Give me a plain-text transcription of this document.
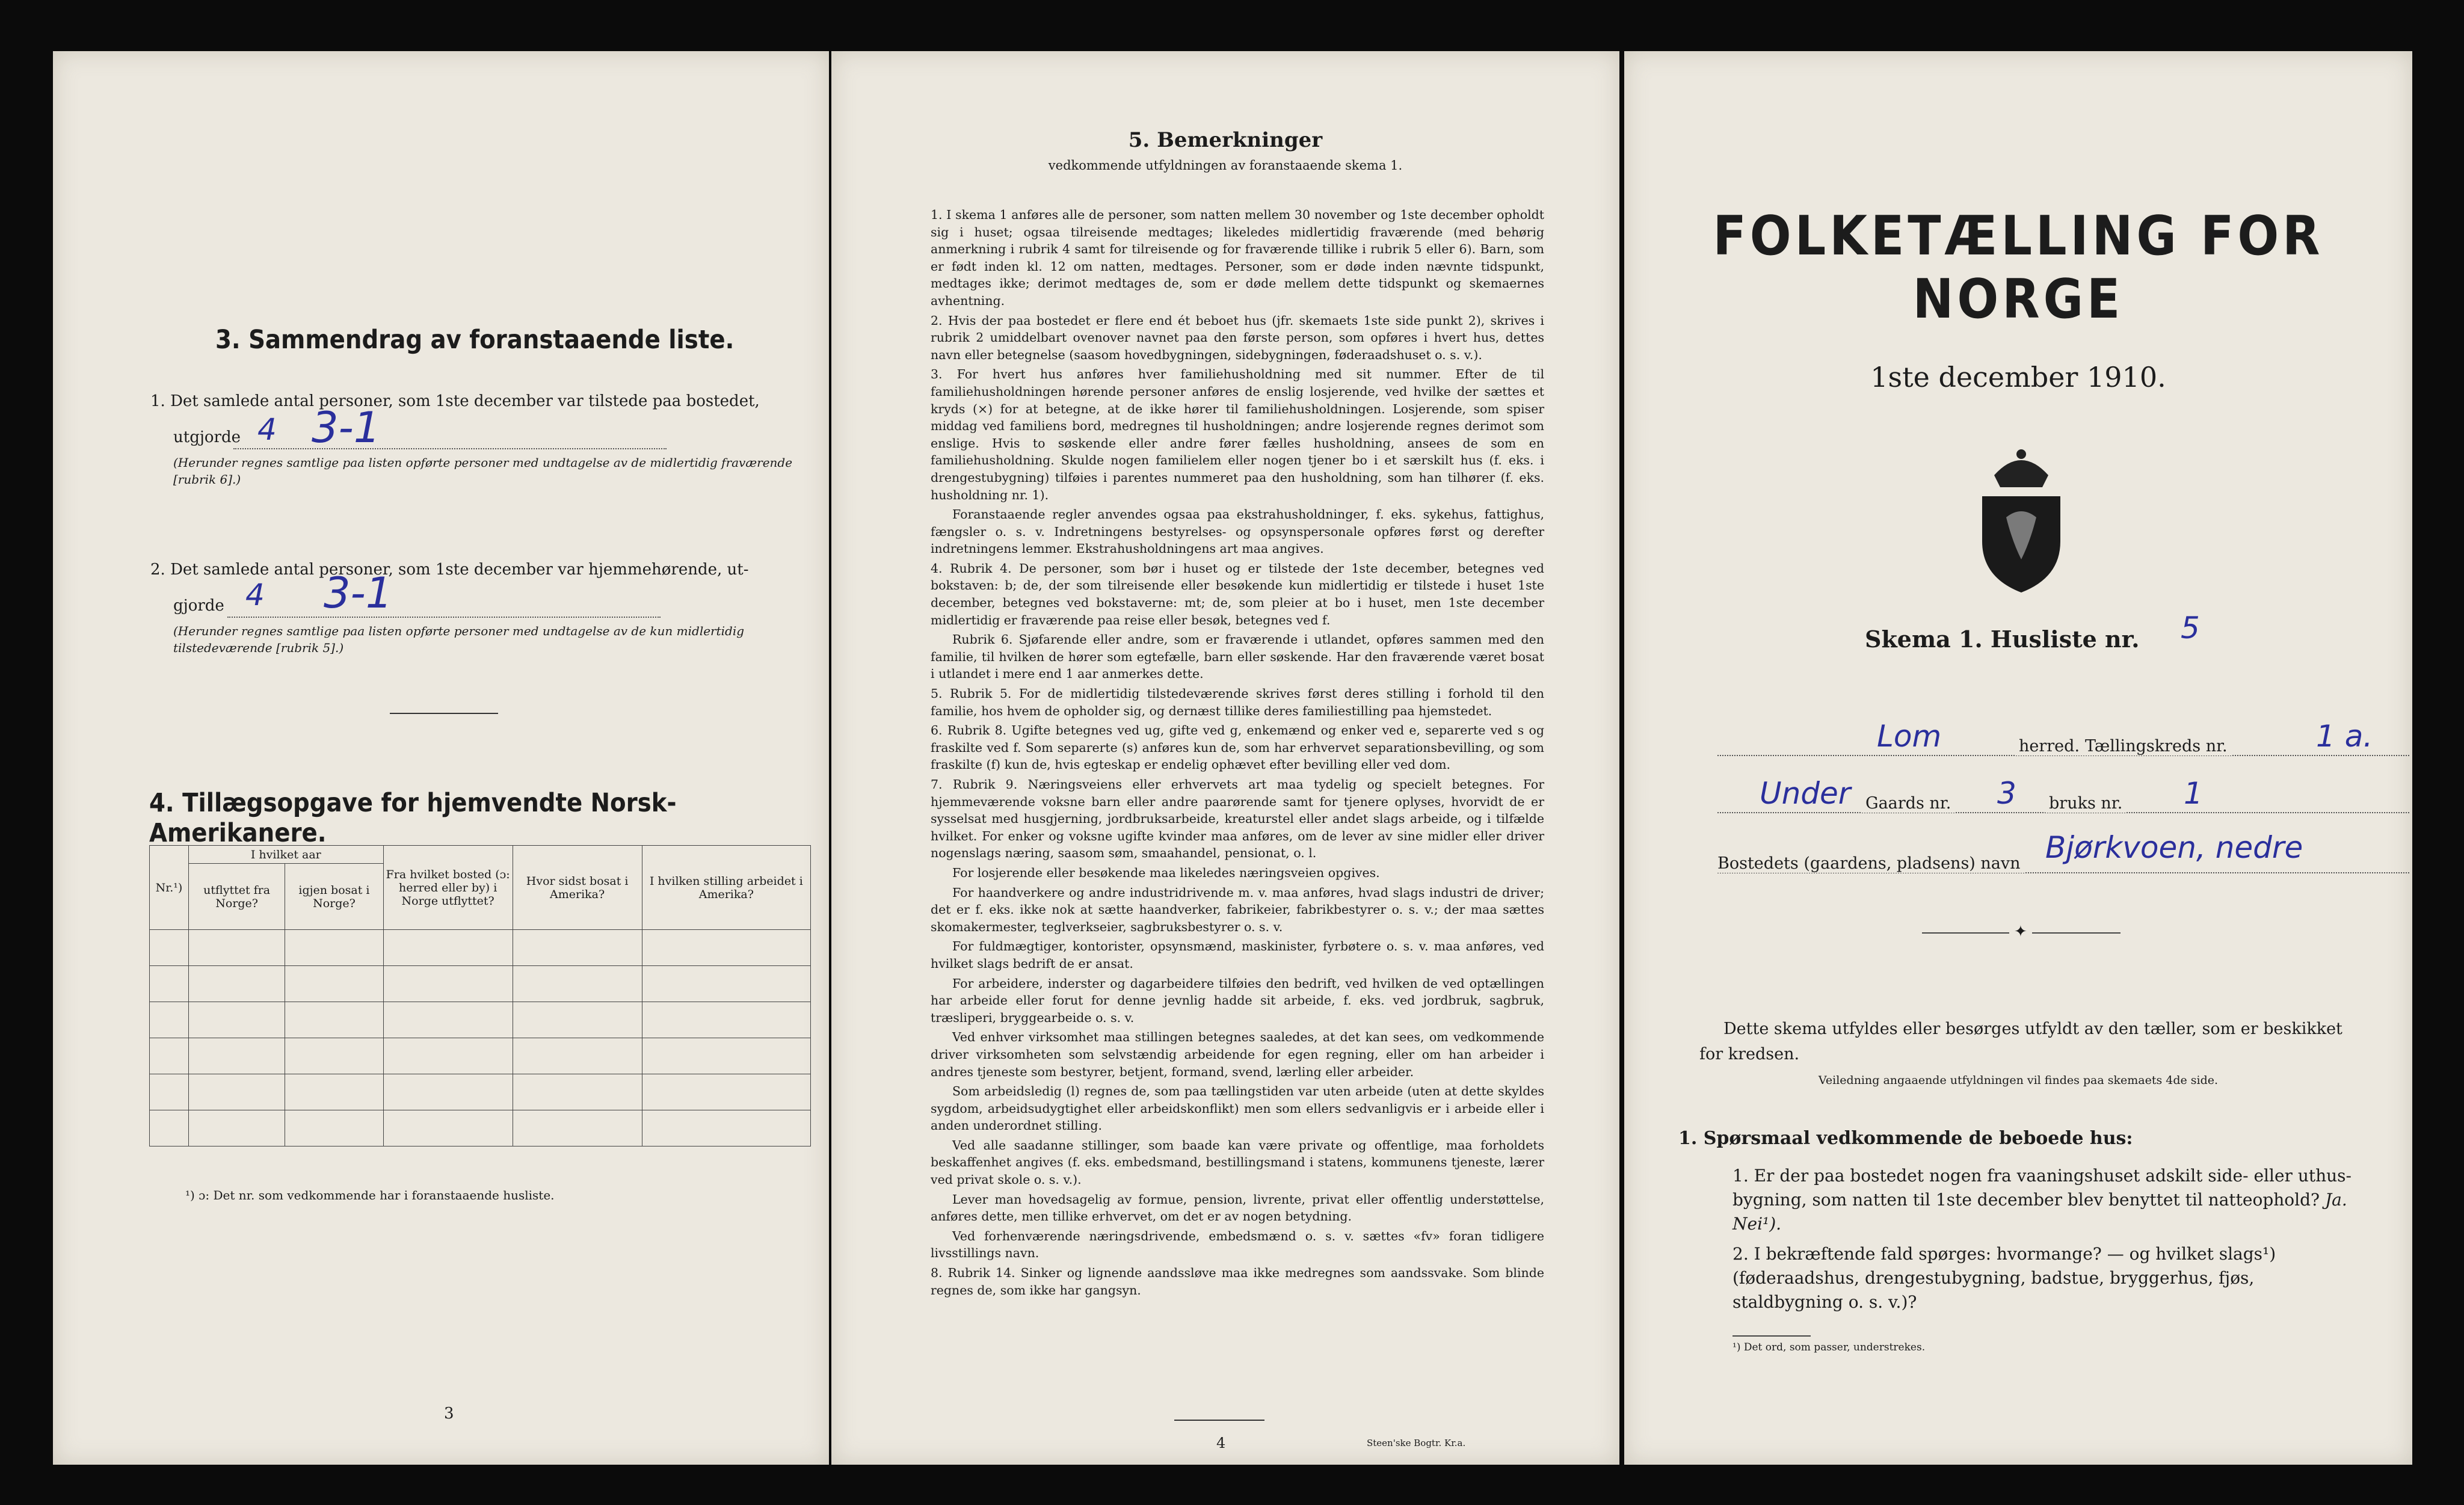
3. Sammendrag av foranstaaende liste.
1. Det samlede antal personer, som 1ste december var tilstede paa bostedet,
utgjorde 4 3-1
(Herunder regnes samtlige paa listen opførte personer med undtagelse av de midlertidig fraværende [rubrik 6].)
2. Det samlede antal personer, som 1ste december var hjemmehørende, ut-
gjorde 4 3-1
(Herunder regnes samtlige paa listen opførte personer med undtagelse av de kun midlertidig tilstedeværende [rubrik 5].)
4. Tillægsopgave for hjemvendte Norsk-Amerikanere.
Nr.¹)	I hvilket aar		Fra hvilket bosted (ɔ: herred eller by) i Norge utflyttet?	Hvor sidst bosat i Amerika?	I hvilken stilling arbeidet i Amerika?
	utflyttet fra Norge?	igjen bosat i Norge?			

¹) ɔ: Det nr. som vedkommende har i foranstaaende husliste.
3
5. Bemerkninger
vedkommende utfyldningen av foranstaaende skema 1.

1. I skema 1 anføres alle de personer, som natten mellem 30 november og 1ste december opholdt sig i huset; ogsaa tilreisende medtages; likeledes midlertidig fraværende (med behørig anmerkning i rubrik 4 samt for tilreisende og for fraværende tillike i rubrik 5 eller 6). Barn, som er født inden kl. 12 om natten, medtages. Personer, som er døde inden nævnte tidspunkt, medtages ikke; derimot medtages de, som er døde mellem dette tidspunkt og skemaernes avhentning.

2. Hvis der paa bostedet er flere end ét beboet hus (jfr. skemaets 1ste side punkt 2), skrives i rubrik 2 umiddelbart ovenover navnet paa den første person, som opføres i hvert hus, dettes navn eller betegnelse (saasom hovedbygningen, sidebygningen, føderaadshuset o. s. v.).

3. For hvert hus anføres hver familiehusholdning med sit nummer. Efter de til familiehusholdningen hørende personer anføres de enslig losjerende, ved hvilke der sættes et kryds (×) for at betegne, at de ikke hører til familiehusholdningen. Losjerende, som spiser middag ved familiens bord, medregnes til husholdningen; andre losjerende regnes derimot som enslige. Hvis to søskende eller andre fører fælles husholdning, ansees de som en familiehusholdning. Skulde nogen familielem eller nogen tjener bo i et særskilt hus (f. eks. i drengestubygning) tilføies i parentes nummeret paa den husholdning, som han tilhører (f. eks. husholdning nr. 1).

Foranstaaende regler anvendes ogsaa paa ekstrahusholdninger, f. eks. sykehus, fattighus, fængsler o. s. v. Indretningens bestyrelses- og opsynspersonale opføres først og derefter indretningens lemmer. Ekstrahusholdningens art maa angives.

4. Rubrik 4. De personer, som bør i huset og er tilstede der 1ste december, betegnes ved bokstaven: b; de, der som tilreisende eller besøkende kun midlertidig er tilstede i huset 1ste december, betegnes ved bokstaverne: mt; de, som pleier at bo i huset, men 1ste december midlertidig er fraværende paa reise eller besøk, betegnes ved f.

Rubrik 6. Sjøfarende eller andre, som er fraværende i utlandet, opføres sammen med den familie, til hvilken de hører som egtefælle, barn eller søskende. Har den fraværende været bosat i utlandet i mere end 1 aar anmerkes dette.

5. Rubrik 5. For de midlertidig tilstedeværende skrives først deres stilling i forhold til den familie, hos hvem de opholder sig, og dernæst tillike deres familiestilling paa hjemstedet.

6. Rubrik 8. Ugifte betegnes ved ug, gifte ved g, enkemænd og enker ved e, separerte ved s og fraskilte ved f. Som separerte (s) anføres kun de, som har erhvervet separationsbevilling, og som fraskilte (f) kun de, hvis egteskap er endelig ophævet efter bevilling eller ved dom.

7. Rubrik 9. Næringsveiens eller erhvervets art maa tydelig og specielt betegnes. For hjemmeværende voksne barn eller andre paarørende samt for tjenere oplyses, hvorvidt de er sysselsat med husgjerning, jordbruksarbeide, kreaturstel eller andet slags arbeide, og i tilfælde hvilket. For enker og voksne ugifte kvinder maa anføres, om de lever av sine midler eller driver nogenslags næring, saasom søm, smaahandel, pensionat, o. l.

For losjerende eller besøkende maa likeledes næringsveien opgives.

For haandverkere og andre industridrivende m. v. maa anføres, hvad slags industri de driver; det er f. eks. ikke nok at sætte haandverker, fabrikeier, fabrikbestyrer o. s. v.; der maa sættes skomakermester, teglverkseier, sagbruksbestyrer o. s. v.

For fuldmægtiger, kontorister, opsynsmænd, maskinister, fyrbøtere o. s. v. maa anføres, ved hvilket slags bedrift de er ansat.

For arbeidere, inderster og dagarbeidere tilføies den bedrift, ved hvilken de ved optællingen har arbeide eller forut for denne jevnlig hadde sit arbeide, f. eks. ved jordbruk, sagbruk, træsliperi, bryggearbeide o. s. v.

Ved enhver virksomhet maa stillingen betegnes saaledes, at det kan sees, om vedkommende driver virksomheten som selvstændig arbeidende for egen regning, eller om han arbeider i andres tjeneste som bestyrer, betjent, formand, svend, lærling eller arbeider.

Som arbeidsledig (l) regnes de, som paa tællingstiden var uten arbeide (uten at dette skyldes sygdom, arbeidsudygtighet eller arbeidskonflikt) men som ellers sedvanligvis er i arbeide eller i anden underordnet stilling.

Ved alle saadanne stillinger, som baade kan være private og offentlige, maa forholdets beskaffenhet angives (f. eks. embedsmand, bestillingsmand i statens, kommunens tjeneste, lærer ved privat skole o. s. v.).

Lever man hovedsagelig av formue, pension, livrente, privat eller offentlig understøttelse, anføres dette, men tillike erhvervet, om det er av nogen betydning.

Ved forhenværende næringsdrivende, embedsmænd o. s. v. sættes «fv» foran tidligere livsstillings navn.

8. Rubrik 14. Sinker og lignende aandssløve maa ikke medregnes som aandssvake. Som blinde regnes de, som ikke har gangsyn.

4	Steen'ske Bogtr. Kr.a.
FOLKETÆLLING FOR NORGE
1ste december 1910.
Skema 1. Husliste nr. 5
Lom	herred. Tællingskreds nr.	1 a.
Under Gaards nr. 3 bruks nr. 1
Bostedets (gaardens, pladsens) navn Bjørkvoen, nedre
✦
Dette skema utfyldes eller besørges utfyldt av den tæller, som er beskikket for kredsen.
Veiledning angaaende utfyldningen vil findes paa skemaets 4de side.
1. Spørsmaal vedkommende de beboede hus:
1. Er der paa bostedet nogen fra vaaningshuset adskilt side- eller uthus-bygning, som natten til 1ste december blev benyttet til natteophold? Ja. Nei¹).
2. I bekræftende fald spørges: hvormange? — og hvilket slags¹) (føderaadshus, drengestubygning, badstue, bryggerhus, fjøs, staldbygning o. s. v.)?
¹) Det ord, som passer, understrekes.
